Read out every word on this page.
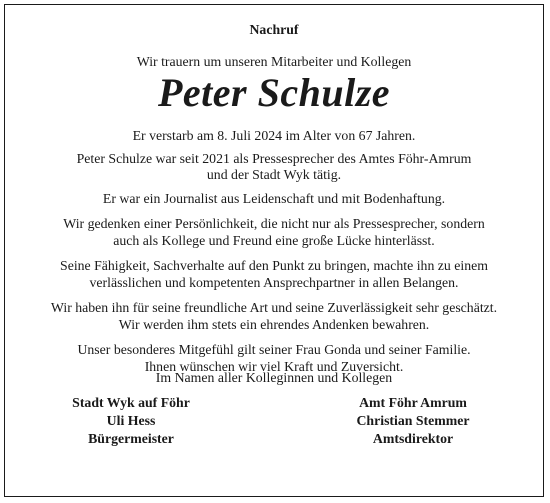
Nachruf
Wir trauern um unseren Mitarbeiter und Kollegen
Peter Schulze
Er verstarb am 8. Juli 2024 im Alter von 67 Jahren.
Peter Schulze war seit 2021 als Pressesprecher des Amtes Föhr-Amrum
und der Stadt Wyk tätig.
Er war ein Journalist aus Leidenschaft und mit Bodenhaftung.
Wir gedenken einer Persönlichkeit, die nicht nur als Pressesprecher, sondern
auch als Kollege und Freund eine große Lücke hinterlässt.
Seine Fähigkeit, Sachverhalte auf den Punkt zu bringen, machte ihn zu einem
verlässlichen und kompetenten Ansprechpartner in allen Belangen.
Wir haben ihn für seine freundliche Art und seine Zuverlässigkeit sehr geschätzt.
Wir werden ihm stets ein ehrendes Andenken bewahren.
Unser besonderes Mitgefühl gilt seiner Frau Gonda und seiner Familie.
Ihnen wünschen wir viel Kraft und Zuversicht.
Im Namen aller Kolleginnen und Kollegen
Stadt Wyk auf Föhr
Uli Hess
Bürgermeister
Amt Föhr Amrum
Christian Stemmer
Amtsdirektor
